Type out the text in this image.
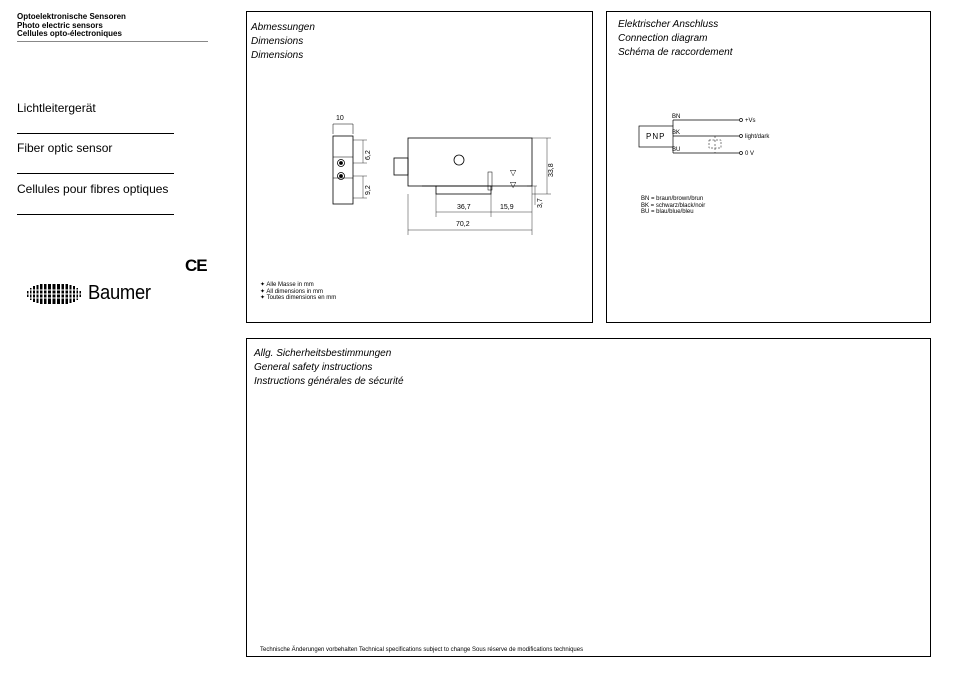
Optoelektronische Sensoren
Photo electric sensors
Cellules opto-électroniques
Lichtleitergerät
Fiber optic sensor
Cellules pour fibres optiques
CE
Baumer
Abmessungen
Dimensions
Dimensions
10
6,2
9,2
33,8
36,7	15,9	3,7
70,2
▷
▷
✦ Alle Masse in mm
✦ All dimensions in mm
✦ Toutes dimensions en mm
Elektrischer Anschluss
Connection diagram
Schéma de raccordement
PNP
BN
BK
BU
+Vs
light/dark
0 V
BN = braun/brown/brun
BK = schwarz/black/noir
BU = blau/blue/bleu
Allg. Sicherheitsbestimmungen
General safety instructions
Instructions générales de sécurité
Technische Änderungen vorbehalten Technical specifications subject to change Sous réserve de modifications techniques
